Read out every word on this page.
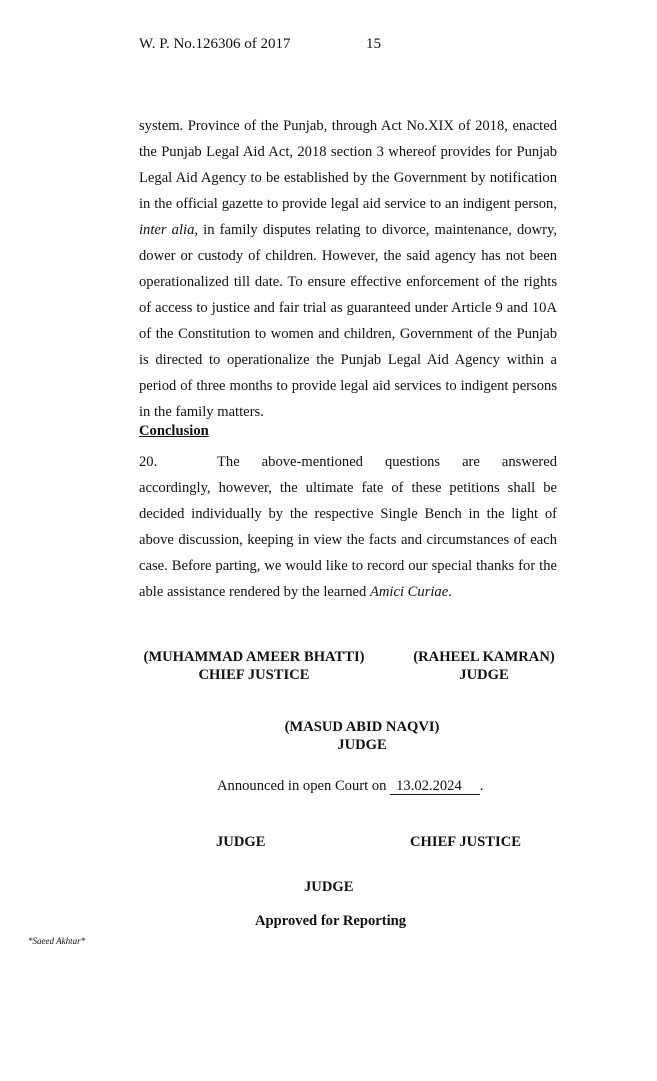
W. P. No.126306 of 2017	15

system. Province of the Punjab, through Act No.XIX of 2018, enacted the Punjab Legal Aid Act, 2018 section 3 whereof provides for Punjab Legal Aid Agency to be established by the Government by notification in the official gazette to provide legal aid service to an indigent person, inter alia, in family disputes relating to divorce, maintenance, dowry, dower or custody of children. However, the said agency has not been operationalized till date. To ensure effective enforcement of the rights of access to justice and fair trial as guaranteed under Article 9 and 10A of the Constitution to women and children, Government of the Punjab is directed to operationalize the Punjab Legal Aid Agency within a period of three months to provide legal aid services to indigent persons in the family matters.

Conclusion

20.	The above-mentioned questions are answered accordingly, however, the ultimate fate of these petitions shall be decided individually by the respective Single Bench in the light of above discussion, keeping in view the facts and circumstances of each case. Before parting, we would like to record our special thanks for the able assistance rendered by the learned Amici Curiae.

(MUHAMMAD AMEER BHATTI)
CHIEF JUSTICE
(RAHEEL KAMRAN)
JUDGE
(MASUD ABID NAQVI)
JUDGE
Announced in open Court on 13.02.2024 .
JUDGE	CHIEF JUSTICE
JUDGE
Approved for Reporting
*Saeed Akhtar*
